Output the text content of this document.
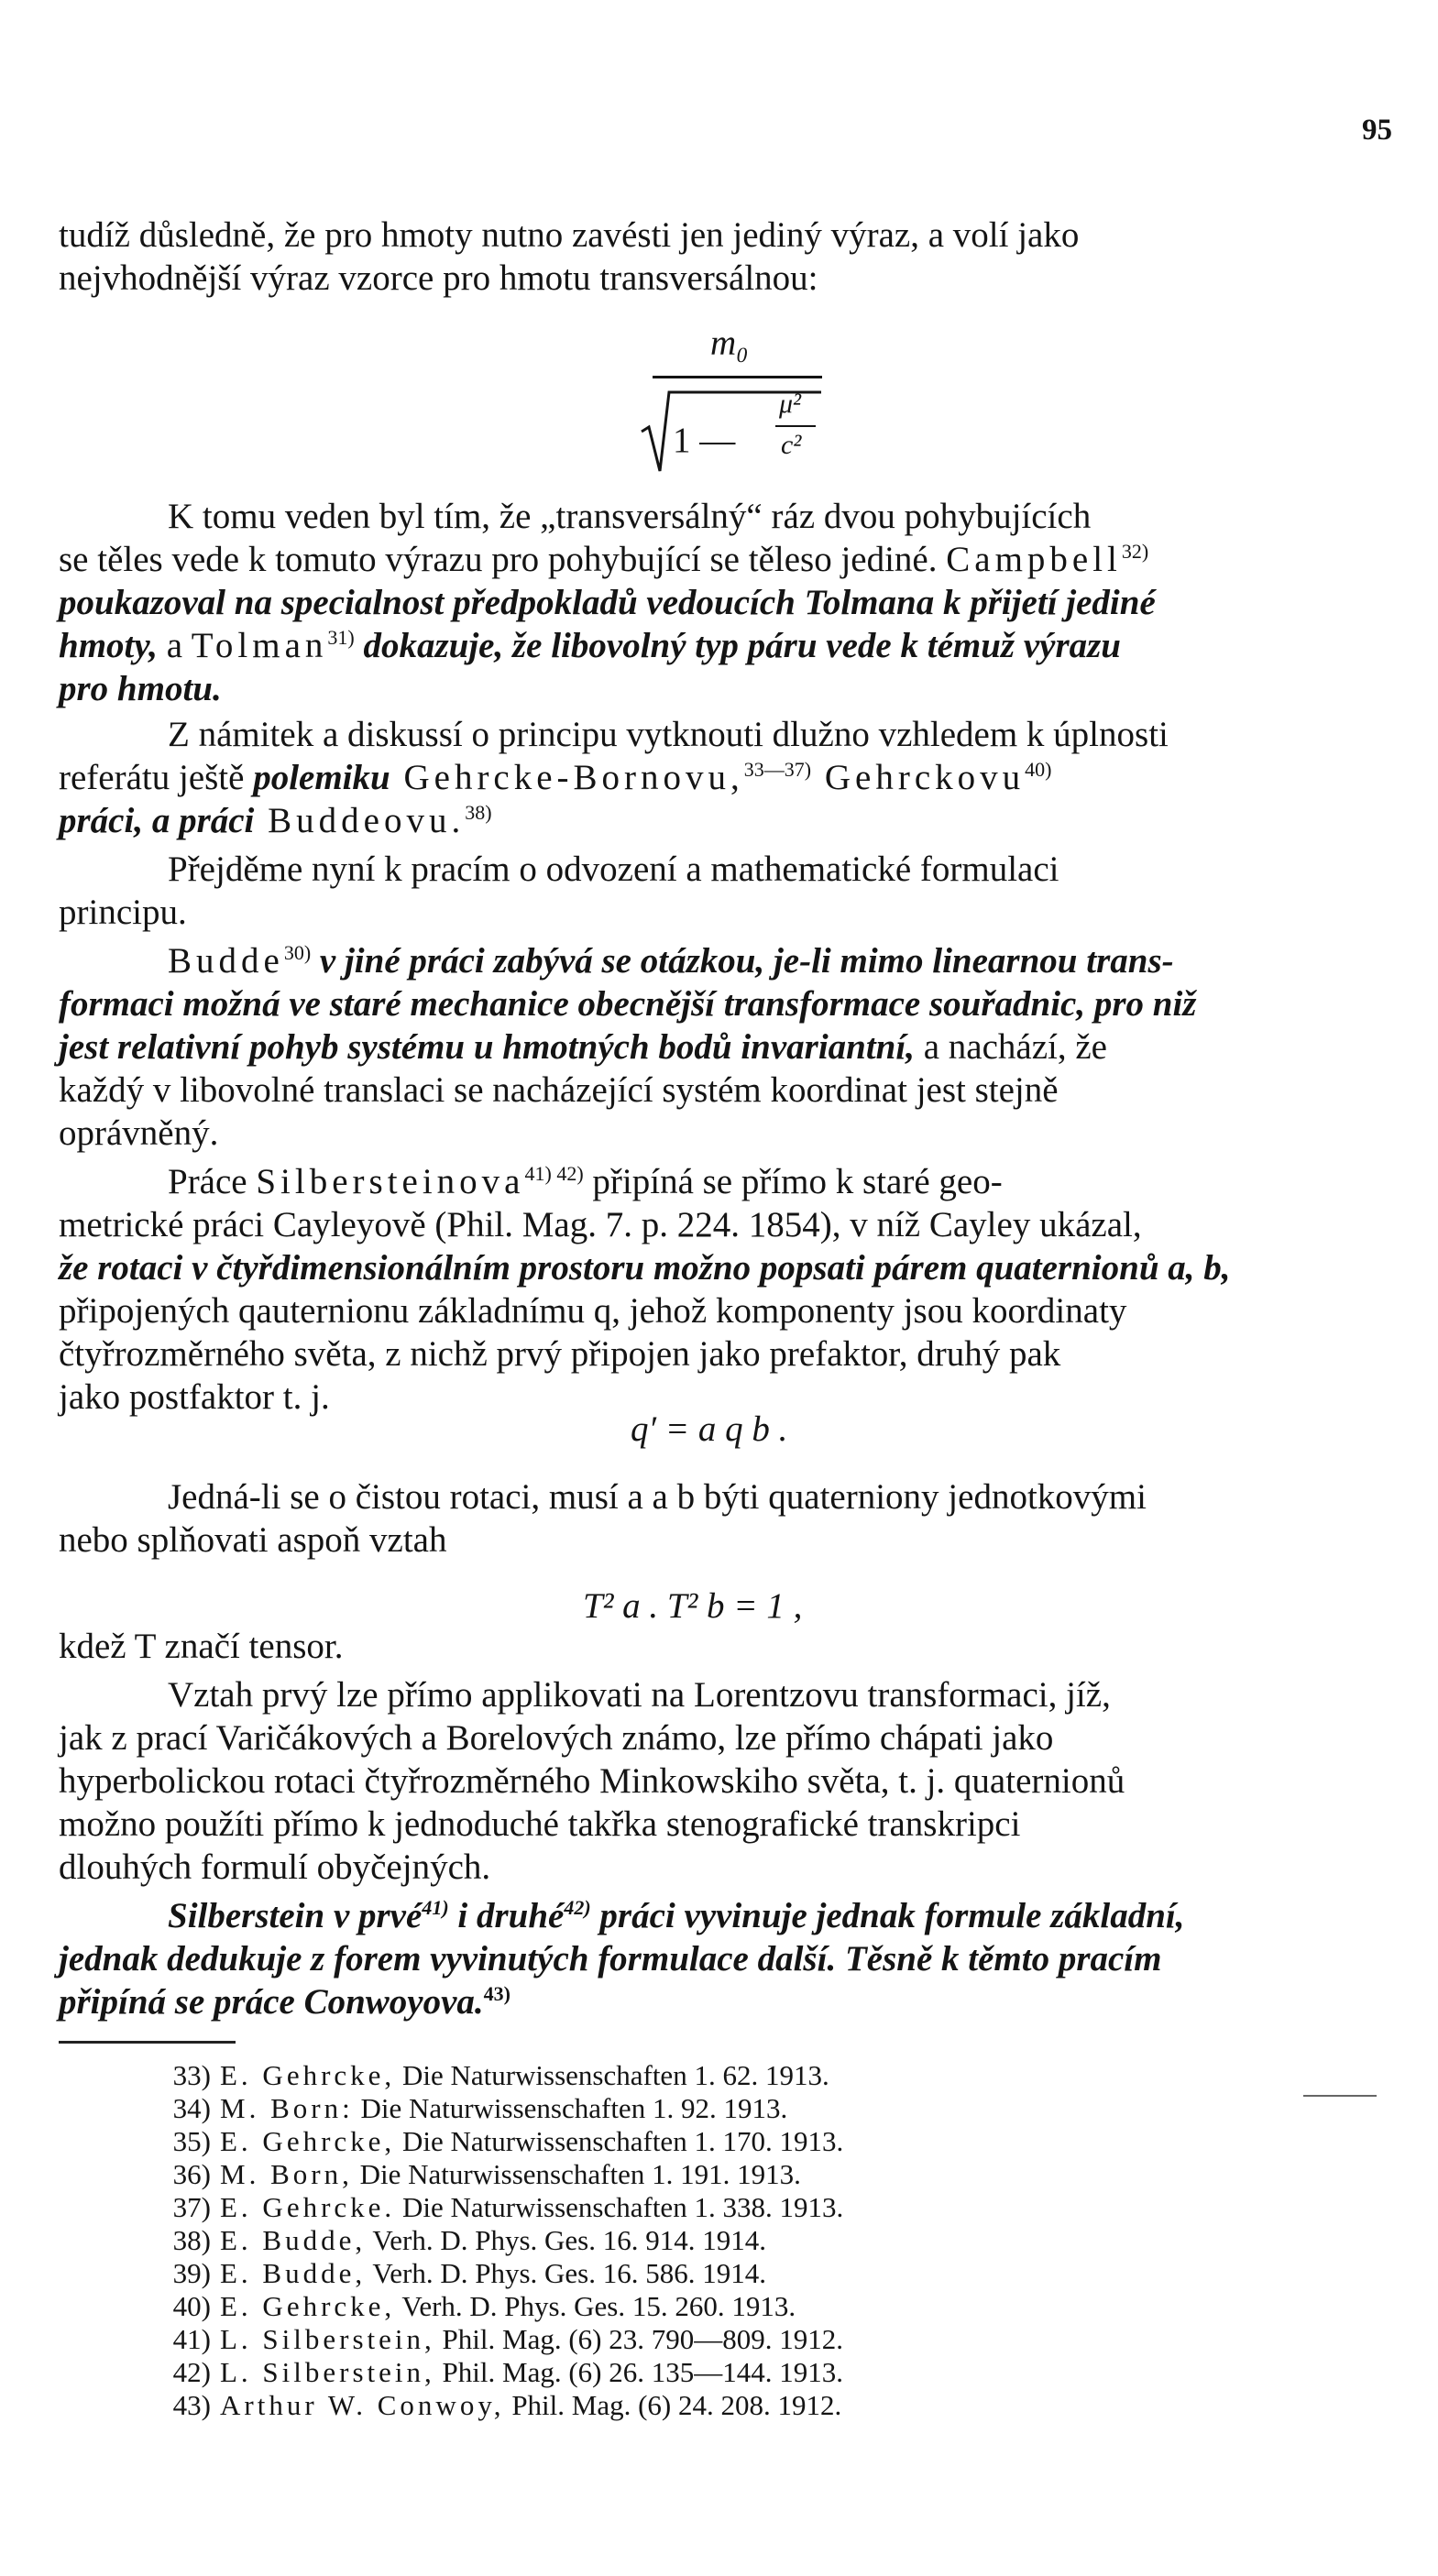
95
tudíž důsledně, že pro hmoty nutno zavésti jen jediný výraz, a volí jako
nejvhodnější výraz vzorce pro hmotu transversálnou:
m₀
1 —
μ²
c²
K tomu veden byl tím, že „transversálný“ ráz dvou pohybujících
se těles vede k tomuto výrazu pro pohybující se těleso jediné. Campbell$^{32)}$
poukazoval na specialnost předpokladů vedoucích Tolmana k přijetí jediné
hmoty, a Tolman$^{31)}$ dokazuje, že libovolný typ páru vede k témuž výrazu
pro hmotu.
Z námitek a diskussí o principu vytknouti dlužno vzhledem k úplnosti
referátu ještě polemiku Gehrcke-Bornovu,$^{33—37)}$ Gehrckovu$^{40)}$
práci, a práci Buddeovu.$^{38)}$
Přejděme nyní k pracím o odvození a mathematické formulaci
principu.
Budde$^{30)}$ v jiné práci zabývá se otázkou, je-li mimo linearnou trans-
formaci možná ve staré mechanice obecnější transformace souřadnic, pro niž
jest relativní pohyb systému u hmotných bodů invariantní, a nachází, že
každý v libovolné translaci se nacházející systém koordinat jest stejně
oprávněný.
Práce Silbersteinova$^{41) 42)}$ připíná se přímo k staré geo-
metrické práci Cayleyově (Phil. Mag. 7. p. 224. 1854), v níž Cayley ukázal,
že rotaci v čtyřdimensionálním prostoru možno popsati párem quaternionů a, b,
připojených qauternionu základnímu q, jehož komponenty jsou koordinaty
čtyřrozměrného světa, z nichž prvý připojen jako prefaktor, druhý pak
jako postfaktor t. j.
q′ = a q b .
Jedná-li se o čistou rotaci, musí a a b býti quaterniony jednotkovými
nebo splňovati aspoň vztah
T² a . T² b = 1 ,
kdež T značí tensor.
Vztah prvý lze přímo applikovati na Lorentzovu transformaci, jíž,
jak z prací Varičákových a Borelových známo, lze přímo chápati jako
hyperbolickou rotaci čtyřrozměrného Minkowskiho světa, t. j. quaternionů
možno použíti přímo k jednoduché takřka stenografické transkripci
dlouhých formulí obyčejných.
Silberstein v prvé$^{41)}$ i druhé$^{42)}$ práci vyvinuje jednak formule základní,
jednak dedukuje z forem vyvinutých formulace další. Těsně k těmto pracím
připíná se práce Conwoyova.$^{43)}$
33) E. Gehrcke, Die Naturwissenschaften 1. 62. 1913.
34) M. Born: Die Naturwissenschaften 1. 92. 1913.
35) E. Gehrcke, Die Naturwissenschaften 1. 170. 1913.
36) M. Born, Die Naturwissenschaften 1. 191. 1913.
37) E. Gehrcke. Die Naturwissenschaften 1. 338. 1913.
38) E. Budde, Verh. D. Phys. Ges. 16. 914. 1914.
39) E. Budde, Verh. D. Phys. Ges. 16. 586. 1914.
40) E. Gehrcke, Verh. D. Phys. Ges. 15. 260. 1913.
41) L. Silberstein, Phil. Mag. (6) 23. 790—809. 1912.
42) L. Silberstein, Phil. Mag. (6) 26. 135—144. 1913.
43) Arthur W. Conwoy, Phil. Mag. (6) 24. 208. 1912.
